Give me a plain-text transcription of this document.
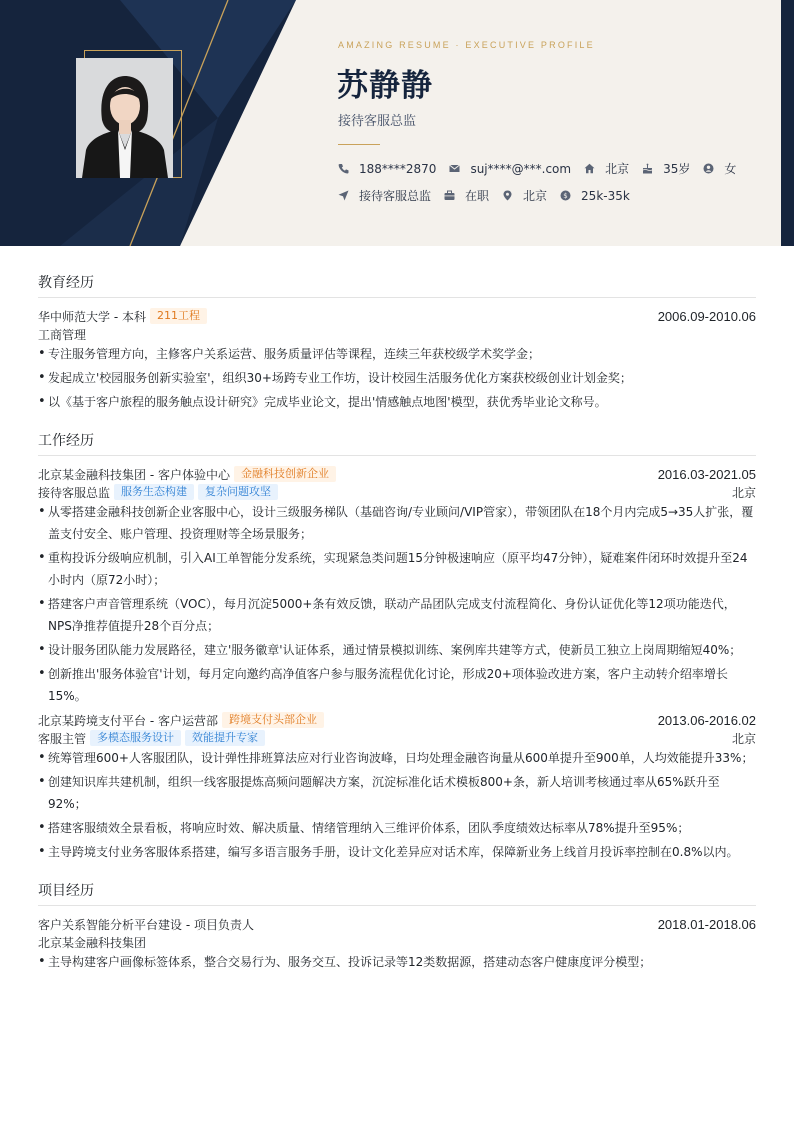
AMAZING RESUME · EXECUTIVE PROFILE
苏静静
接待客服总监
188****2870	suj****@***.com	北京	35岁	女
接待客服总监	在职	北京 $ 25k-35k
教育经历
华中师范大学 - 本科	211工程	2006.09-2010.06
工商管理
• 专注服务管理方向，主修客户关系运营、服务质量评估等课程，连续三年获校级学术奖学金；
• 发起成立'校园服务创新实验室'，组织30+场跨专业工作坊，设计校园生活服务优化方案获校级创业计划金奖；
• 以《基于客户旅程的服务触点设计研究》完成毕业论文，提出'情感触点地图'模型，获优秀毕业论文称号。
工作经历
北京某金融科技集团 - 客户体验中心	金融科技创新企业	2016.03-2021.05
接待客服总监	服务生态构建	复杂问题攻坚	北京
• 从零搭建金融科技创新企业客服中心，设计三级服务梯队（基础咨询/专业顾问/VIP管家），带领团队在18个月内完成5→35人扩张，覆盖支付安全、账户管理、投资理财等全场景服务；
• 重构投诉分级响应机制，引入AI工单智能分发系统，实现紧急类问题15分钟极速响应（原平均47分钟），疑难案件闭环时效提升至24小时内（原72小时）；
• 搭建客户声音管理系统（VOC），每月沉淀5000+条有效反馈，联动产品团队完成支付流程简化、身份认证优化等12项功能迭代，NPS净推荐值提升28个百分点；
• 设计服务团队能力发展路径，建立'服务徽章'认证体系，通过情景模拟训练、案例库共建等方式，使新员工独立上岗周期缩短40%；
• 创新推出'服务体验官'计划，每月定向邀约高净值客户参与服务流程优化讨论，形成20+项体验改进方案，客户主动转介绍率增长15%。
北京某跨境支付平台 - 客户运营部	跨境支付头部企业	2013.06-2016.02
客服主管	多模态服务设计	效能提升专家	北京
• 统筹管理600+人客服团队，设计弹性排班算法应对行业咨询波峰，日均处理金融咨询量从600单提升至900单，人均效能提升33%；
• 创建知识库共建机制，组织一线客服提炼高频问题解决方案，沉淀标准化话术模板800+条，新人培训考核通过率从65%跃升至92%；
• 搭建客服绩效全景看板，将响应时效、解决质量、情绪管理纳入三维评价体系，团队季度绩效达标率从78%提升至95%；
• 主导跨境支付业务客服体系搭建，编写多语言服务手册，设计文化差异应对话术库，保障新业务上线首月投诉率控制在0.8%以内。
项目经历
客户关系智能分析平台建设 - 项目负责人	2018.01-2018.06
北京某金融科技集团
• 主导构建客户画像标签体系，整合交易行为、服务交互、投诉记录等12类数据源，搭建动态客户健康度评分模型；
